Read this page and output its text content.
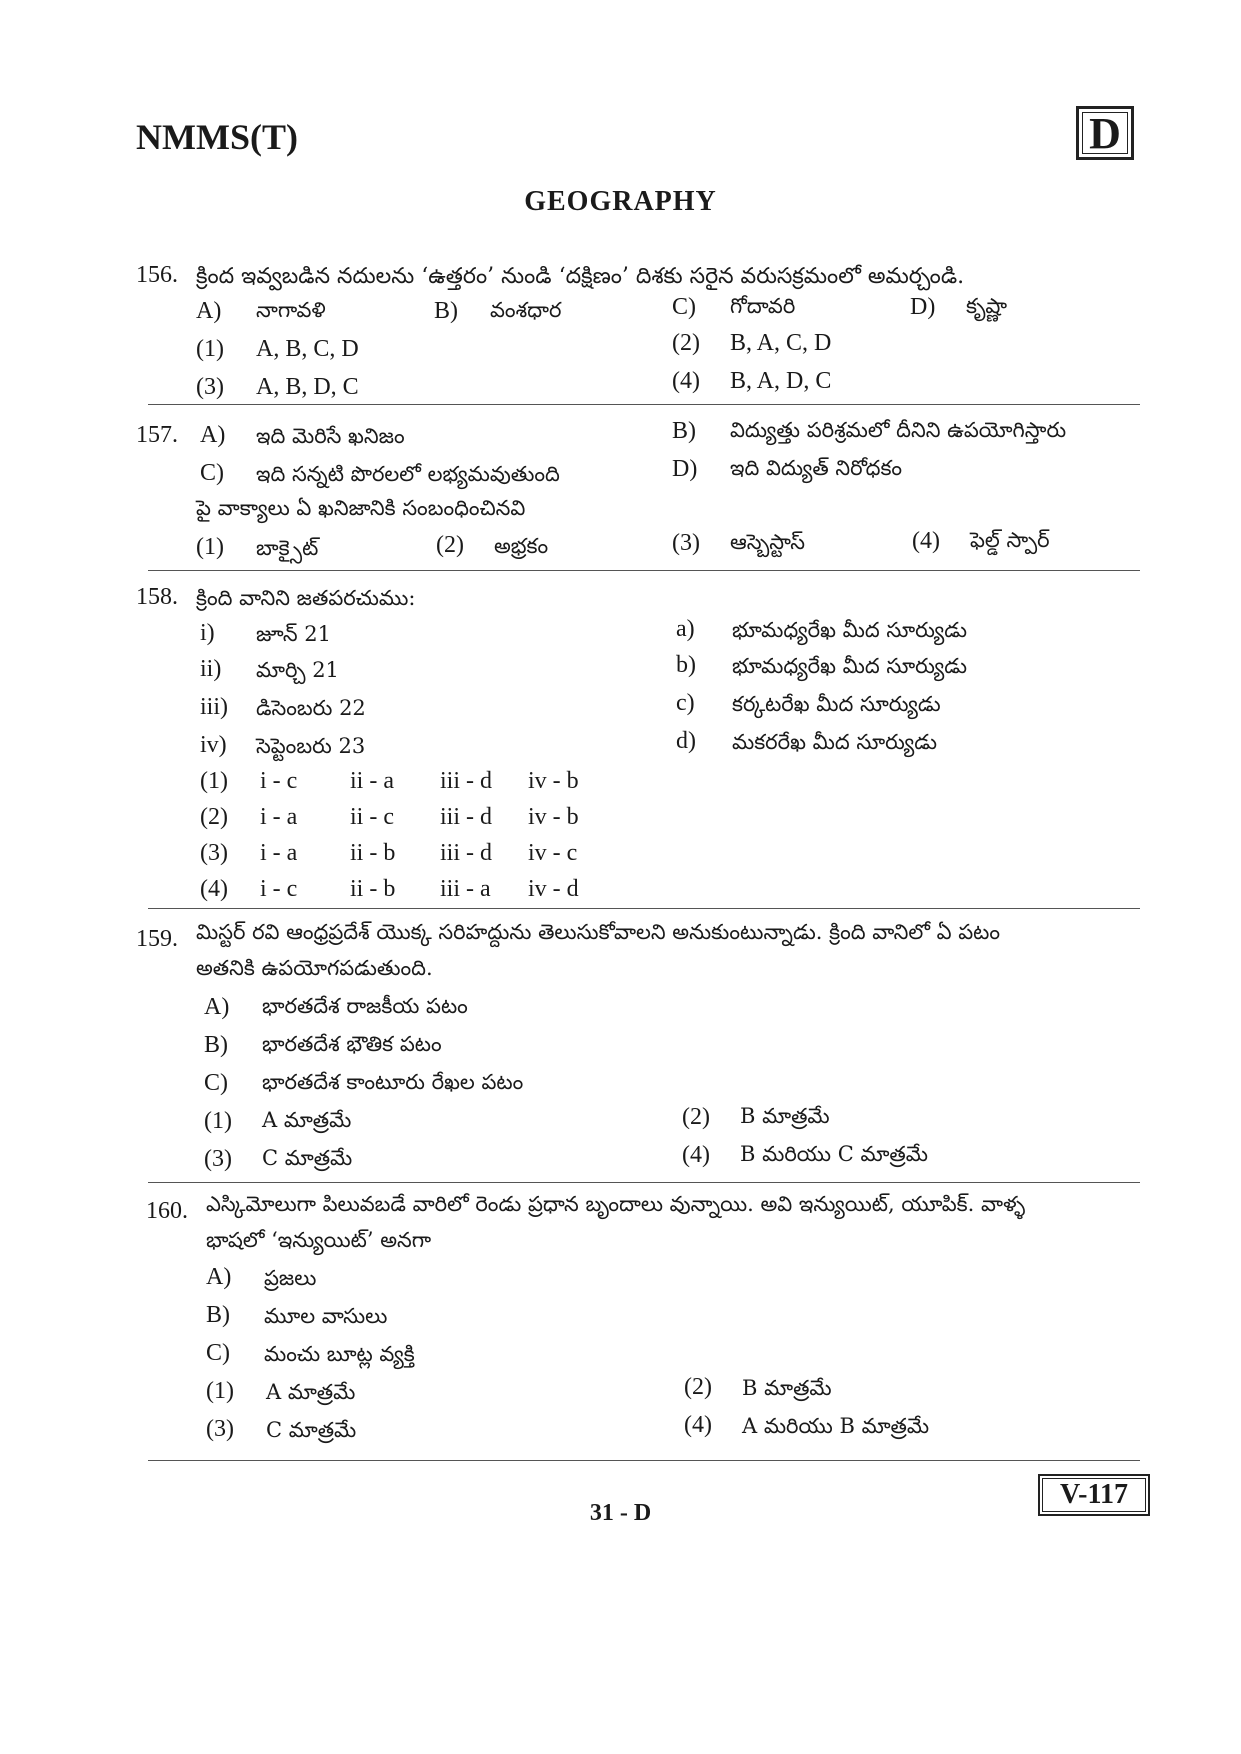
NMMS(T)	D
GEOGRAPHY
156. క్రింద ఇవ్వబడిన నదులను ‘ఉత్తరం’ నుండి ‘దక్షిణం’ దిశకు సరైన వరుసక్రమంలో అమర్చండి.
A) నాగావళి	B) వంశధార	C) గోదావరి	D) కృష్ణా
(1) A, B, C, D	(2) B, A, C, D
(3) A, B, D, C	(4) B, A, D, C
157. A) ఇది మెరిసే ఖనిజం	B) విద్యుత్తు పరిశ్రమలో దీనిని ఉపయోగిస్తారు
C) ఇది సన్నటి పొరలలో లభ్యమవుతుంది	D) ఇది విద్యుత్ నిరోధకం
పై వాక్యాలు ఏ ఖనిజానికి సంబంధించినవి
(1) బాక్సైట్	(2) అభ్రకం	(3) ఆస్బెస్టాస్	(4) ఫెల్డ్ స్పార్
158. క్రింది వానిని జతపరచుము:
i) జూన్ 21
ii) మార్చి 21
iii) డిసెంబరు 22
iv) సెప్టెంబరు 23
a) భూమధ్యరేఖ మీద సూర్యుడు
b) భూమధ్యరేఖ మీద సూర్యుడు
c) కర్కటరేఖ మీద సూర్యుడు
d) మకరరేఖ మీద సూర్యుడు
(1) i - c ii - a iii - d iv - b
(2) i - a ii - c iii - d iv - b
(3) i - a ii - b iii - d iv - c
(4) i - c ii - b iii - a iv - d
159. మిస్టర్ రవి ఆంధ్రప్రదేశ్ యొక్క సరిహద్దును తెలుసుకోవాలని అనుకుంటున్నాడు. క్రింది వానిలో ఏ పటం
అతనికి ఉపయోగపడుతుంది.
A) భారతదేశ రాజకీయ పటం
B) భారతదేశ భౌతిక పటం
C) భారతదేశ కాంటూరు రేఖల పటం
(1) A మాత్రమే	(2) B మాత్రమే
(3) C మాత్రమే	(4) B మరియు C మాత్రమే
160. ఎస్కిమోలుగా పిలువబడే వారిలో రెండు ప్రధాన బృందాలు వున్నాయి. అవి ఇన్యుయిట్, యూపిక్. వాళ్ళ
భాషలో ‘ఇన్యుయిట్’ అనగా
A) ప్రజలు
B) మూల వాసులు
C) మంచు బూట్ల వ్యక్తి
(1) A మాత్రమే	(2) B మాత్రమే
(3) C మాత్రమే	(4) A మరియు B మాత్రమే
V-117
31 - D
